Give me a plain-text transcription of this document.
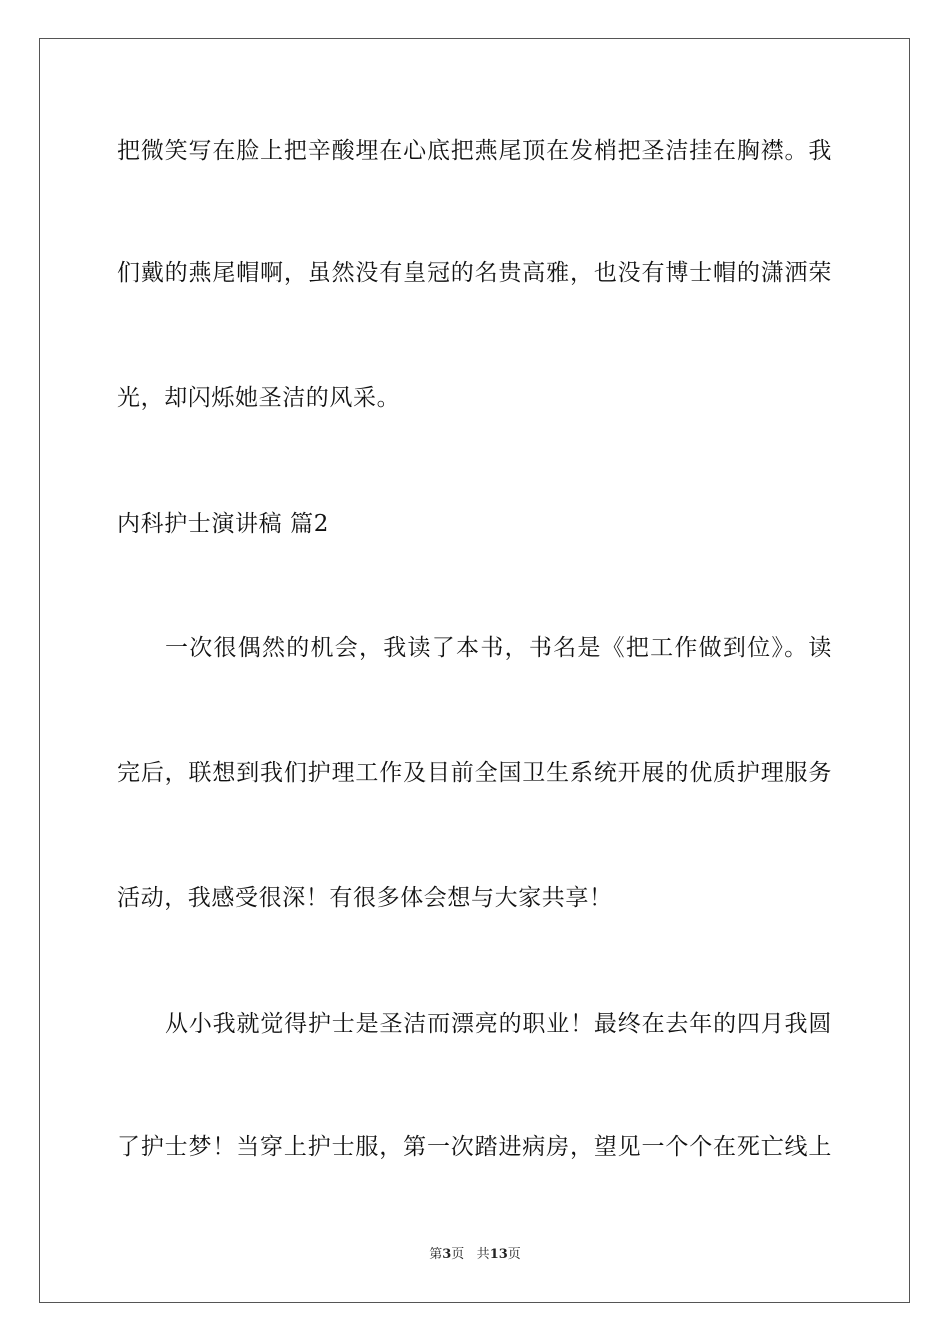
把微笑写在脸上把辛酸埋在心底把燕尾顶在发梢把圣洁挂在胸襟。我
们戴的燕尾帽啊，虽然没有皇冠的名贵高雅，也没有博士帽的潇洒荣
光，却闪烁她圣洁的风采。
内科护士演讲稿 篇2
一次很偶然的机会，我读了本书，书名是《把工作做到位》。读
完后，联想到我们护理工作及目前全国卫生系统开展的优质护理服务
活动，我感受很深！有很多体会想与大家共享！
从小我就觉得护士是圣洁而漂亮的职业！最终在去年的四月我圆
了护士梦！当穿上护士服，第一次踏进病房，望见一个个在死亡线上
第3页 共13页
